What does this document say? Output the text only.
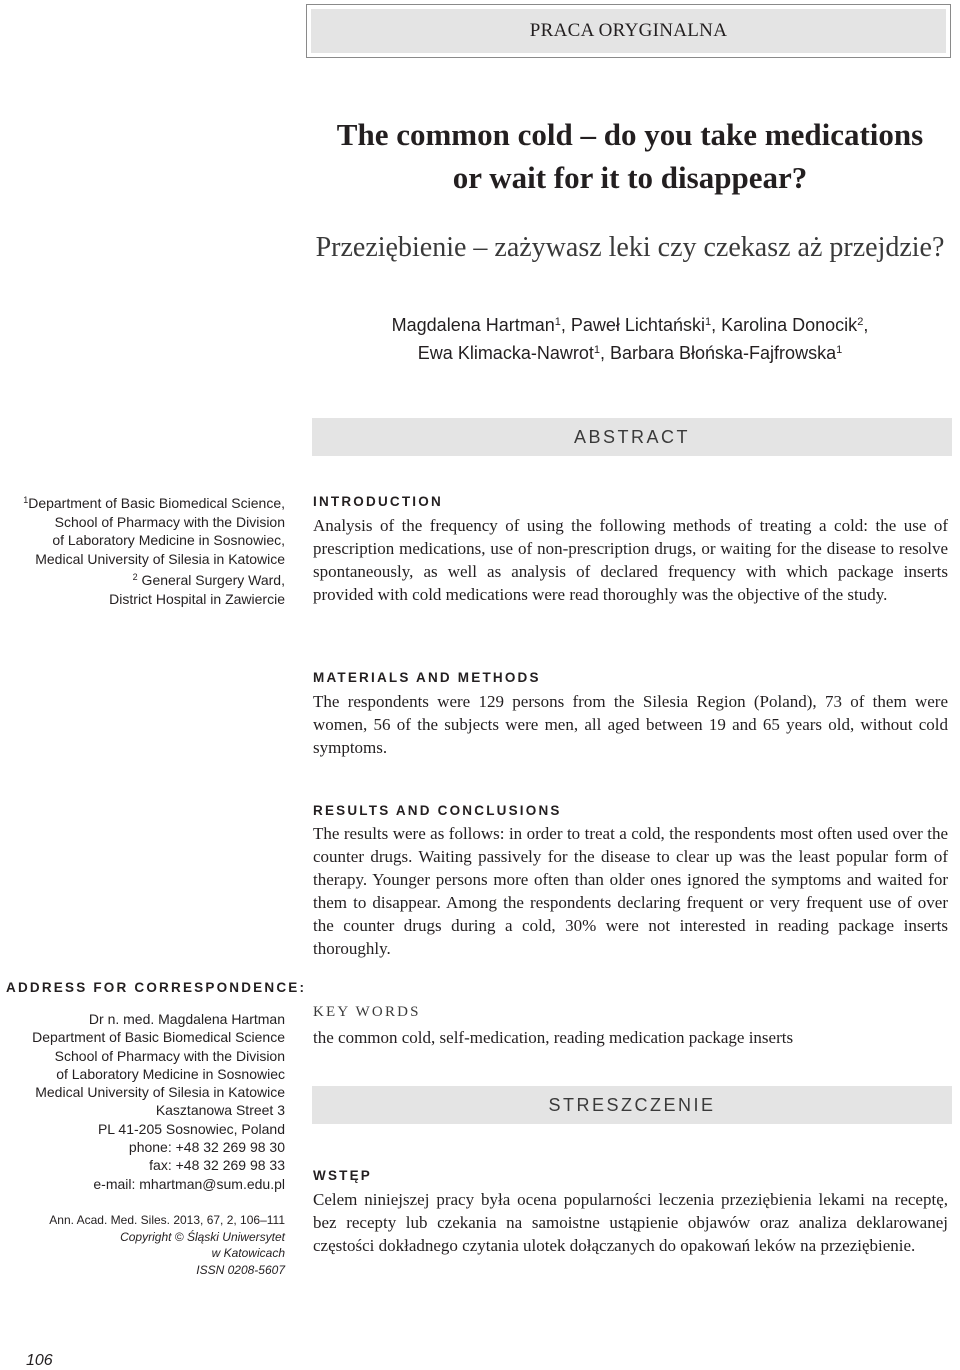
PRACA ORYGINALNA
The common cold – do you take medications
or wait for it to disappear?
Przeziębienie – zażywasz leki czy czekasz aż przejdzie?
Magdalena Hartman$^1$, Paweł Lichtański$^1$, Karolina Donocik$^2$,
Ewa Klimacka-Nawrot$^1$, Barbara Błońska-Fajfrowska$^1$
ABSTRACT
$^1$Department of Basic Biomedical Science,
School of Pharmacy with the Division
of Laboratory Medicine in Sosnowiec,
Medical University of Silesia in Katowice
$^2$ General Surgery Ward,
District Hospital in Zawiercie
INTRODUCTION
Analysis of the frequency of using the following methods of treating a cold: the use of prescription medications, use of non-prescription drugs, or waiting for the disease to resolve spontaneously, as well as analysis of declared frequency with which package inserts provided with cold medications were read thoroughly was the objective of the study.
MATERIALS AND METHODS
The respondents were 129 persons from the Silesia Region (Poland), 73 of them were women, 56 of the subjects were men, all aged between 19 and 65 years old, without cold symptoms.
RESULTS AND CONCLUSIONS
The results were as follows: in order to treat a cold, the respondents most often used over the counter drugs. Waiting passively for the disease to clear up was the least popular form of therapy. Younger persons more often than older ones ignored the symptoms and waited for them to disappear. Among the respondents declaring frequent or very frequent use of over the counter drugs during a cold, 30% were not interested in reading package inserts thoroughly.
ADDRESS FOR CORRESPONDENCE:
Dr n. med. Magdalena Hartman
Department of Basic Biomedical Science
School of Pharmacy with the Division
of Laboratory Medicine in Sosnowiec
Medical University of Silesia in Katowice
Kasztanowa Street 3
PL 41-205 Sosnowiec, Poland
phone: +48 32 269 98 30
fax: +48 32 269 98 33
e-mail: mhartman@sum.edu.pl
Ann. Acad. Med. Siles. 2013, 67, 2, 106–111
Copyright © Śląski Uniwersytet
w Katowicach
ISSN 0208-5607
KEY WORDS
the common cold, self-medication, reading medication package inserts
STRESZCZENIE
WSTĘP
Celem niniejszej pracy była ocena popularności leczenia przeziębienia lekami na receptę, bez recepty lub czekania na samoistne ustąpienie objawów oraz analiza deklarowanej częstości dokładnego czytania ulotek dołączanych do opakowań leków na przeziębienie.
106
